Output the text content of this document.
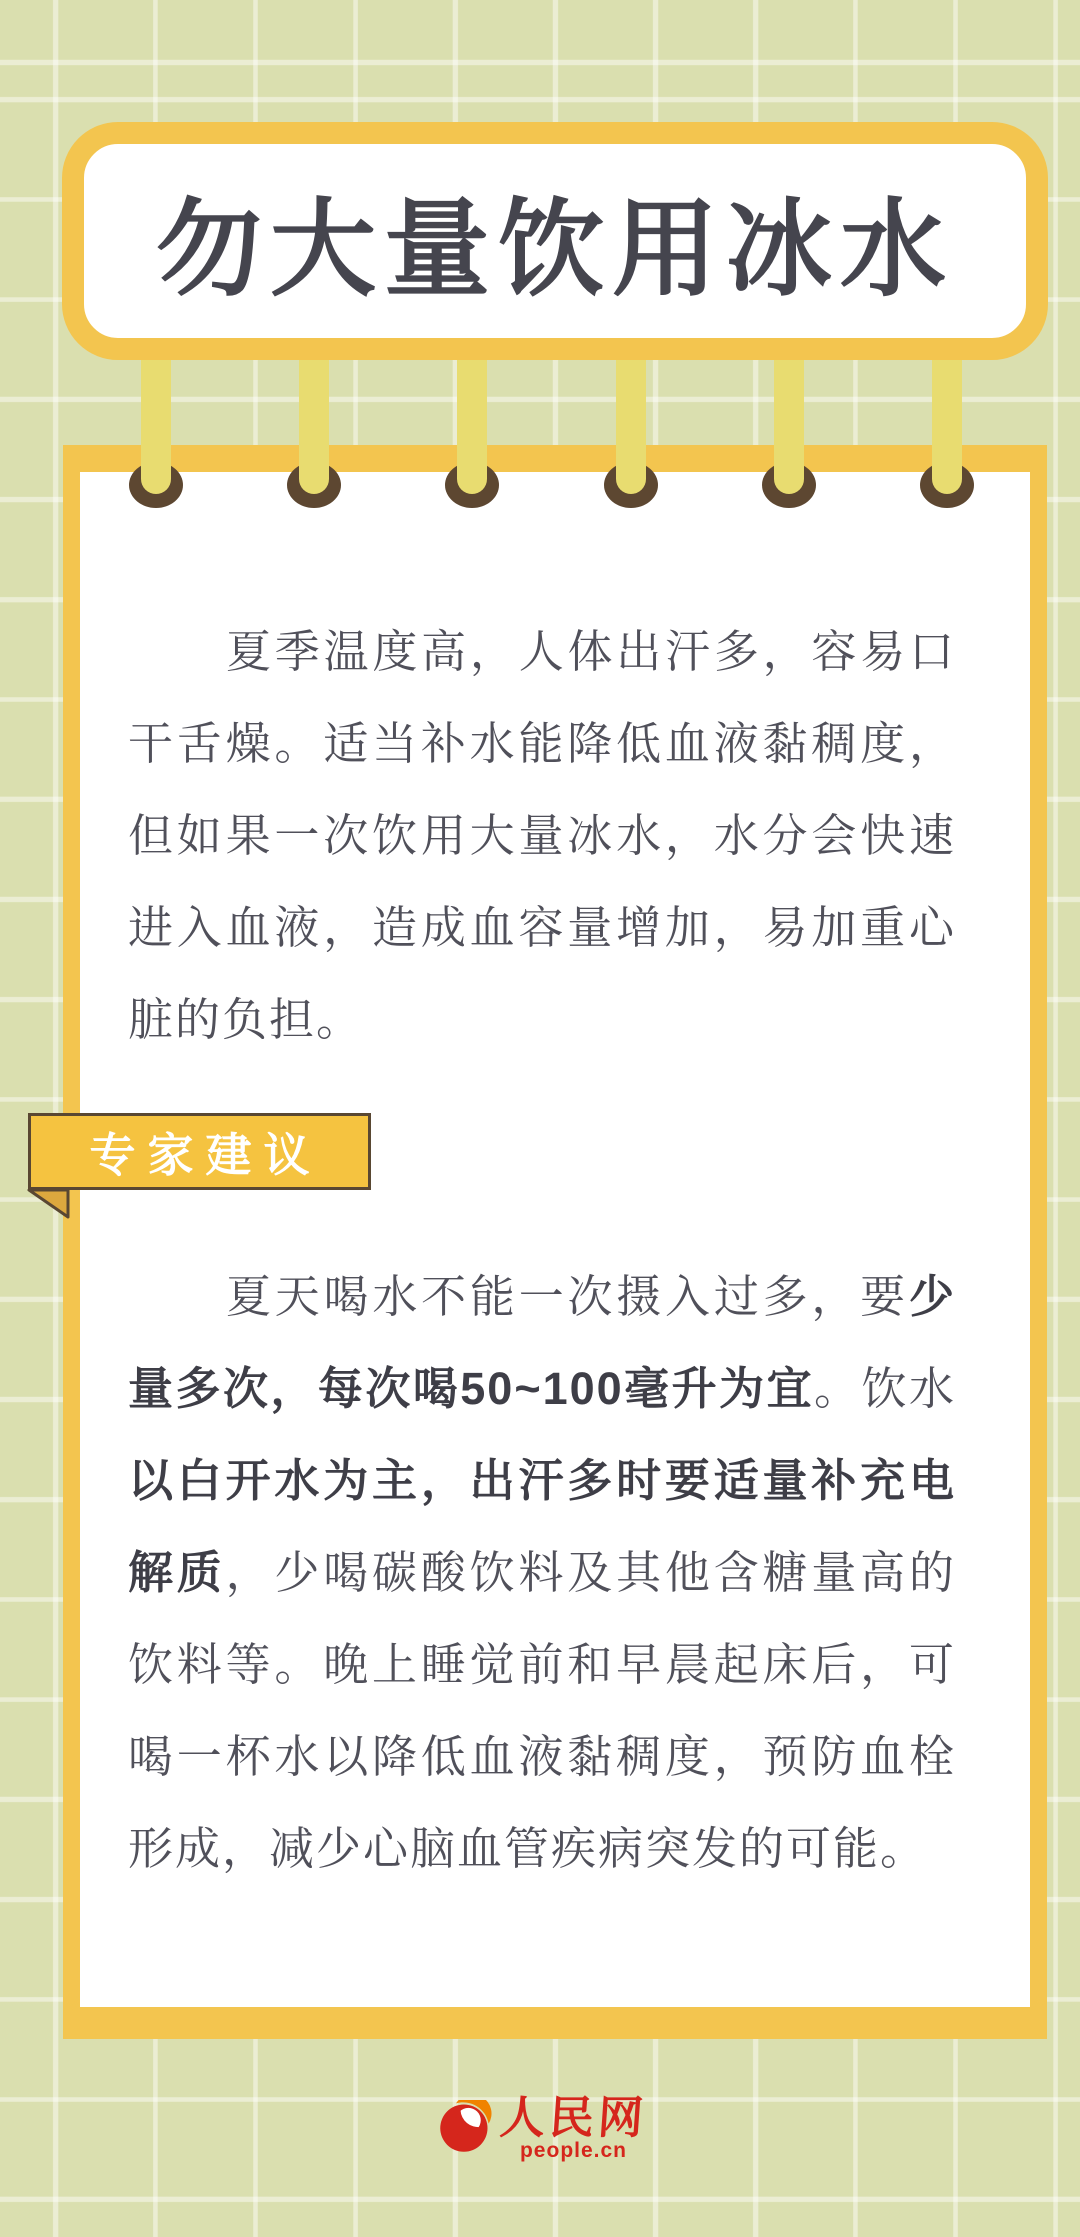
勿大量饮用冰水

夏季温度高，人体出汗多，容易口干舌燥。适当补水能降低血液黏稠度，但如果一次饮用大量冰水，水分会快速进入血液，造成血容量增加，易加重心脏的负担。

专家建议

夏天喝水不能一次摄入过多，要少量多次，每次喝50~100毫升为宜。饮水以白开水为主，出汗多时要适量补充电解质，少喝碳酸饮料及其他含糖量高的饮料等。晚上睡觉前和早晨起床后，可喝一杯水以降低血液黏稠度，预防血栓形成，减少心脑血管疾病突发的可能。

人民网
people.cn
